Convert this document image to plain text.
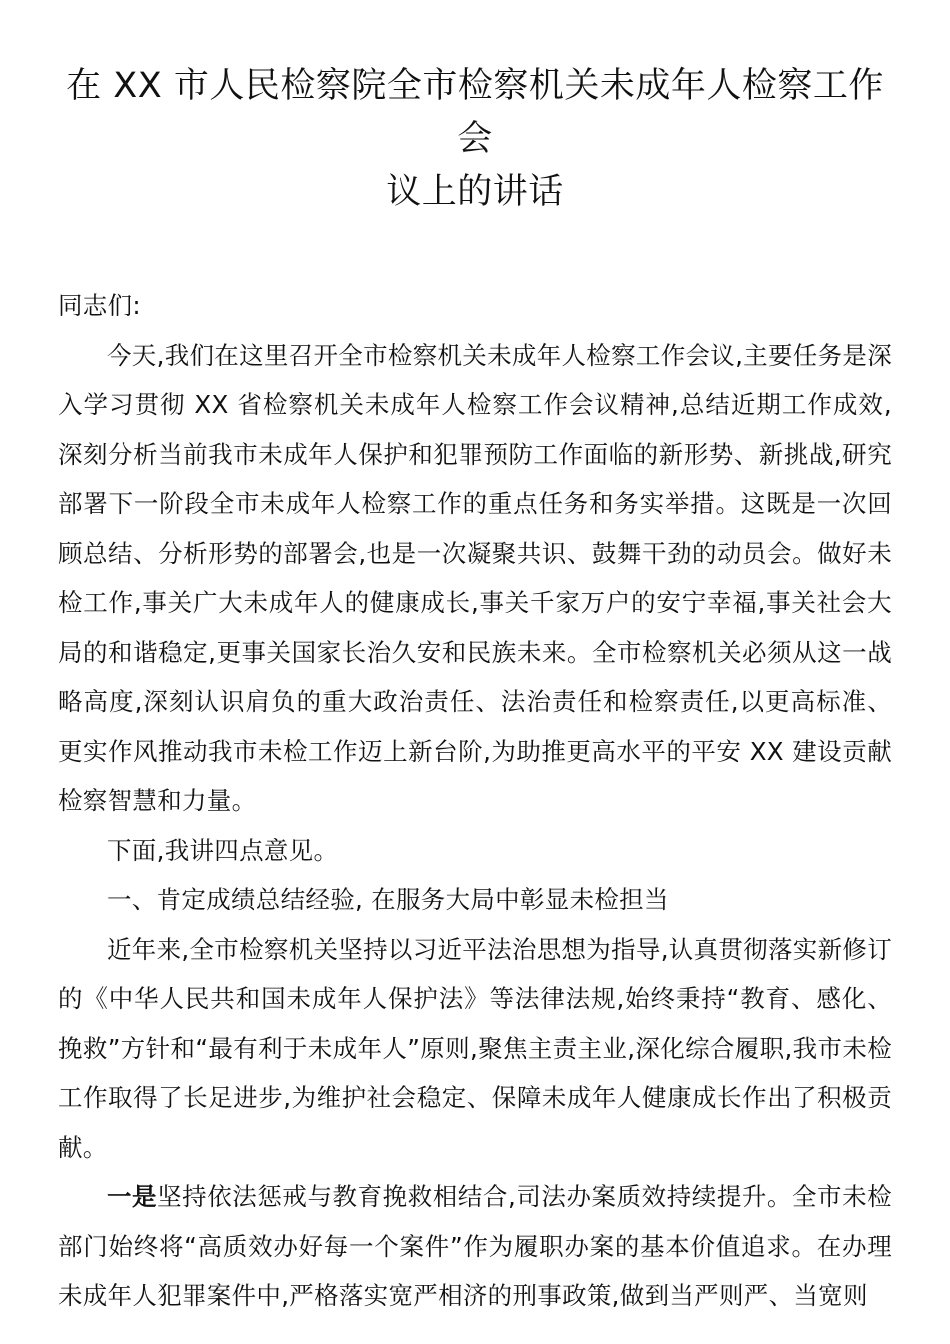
在 XX 市人民检察院全市检察机关未成年人检察工作会
议上的讲话

同志们:

今天,我们在这里召开全市检察机关未成年人检察工作会议,主要任务是深入学习贯彻 XX 省检察机关未成年人检察工作会议精神,总结近期工作成效,深刻分析当前我市未成年人保护和犯罪预防工作面临的新形势、新挑战,研究部署下一阶段全市未成年人检察工作的重点任务和务实举措。这既是一次回顾总结、分析形势的部署会,也是一次凝聚共识、鼓舞干劲的动员会。做好未检工作,事关广大未成年人的健康成长,事关千家万户的安宁幸福,事关社会大局的和谐稳定,更事关国家长治久安和民族未来。全市检察机关必须从这一战略高度,深刻认识肩负的重大政治责任、法治责任和检察责任,以更高标准、更实作风推动我市未检工作迈上新台阶,为助推更高水平的平安 XX 建设贡献检察智慧和力量。

下面,我讲四点意见。

一、肯定成绩总结经验, 在服务大局中彰显未检担当

近年来,全市检察机关坚持以习近平法治思想为指导,认真贯彻落实新修订的《中华人民共和国未成年人保护法》等法律法规,始终秉持“教育、感化、挽救”方针和“最有利于未成年人”原则,聚焦主责主业,深化综合履职,我市未检工作取得了长足进步,为维护社会稳定、保障未成年人健康成长作出了积极贡献。

一是坚持依法惩戒与教育挽救相结合,司法办案质效持续提升。全市未检部门始终将“高质效办好每一个案件”作为履职办案的基本价值追求。在办理未成年人犯罪案件中,严格落实宽严相济的刑事政策,做到当严则严、当宽则
